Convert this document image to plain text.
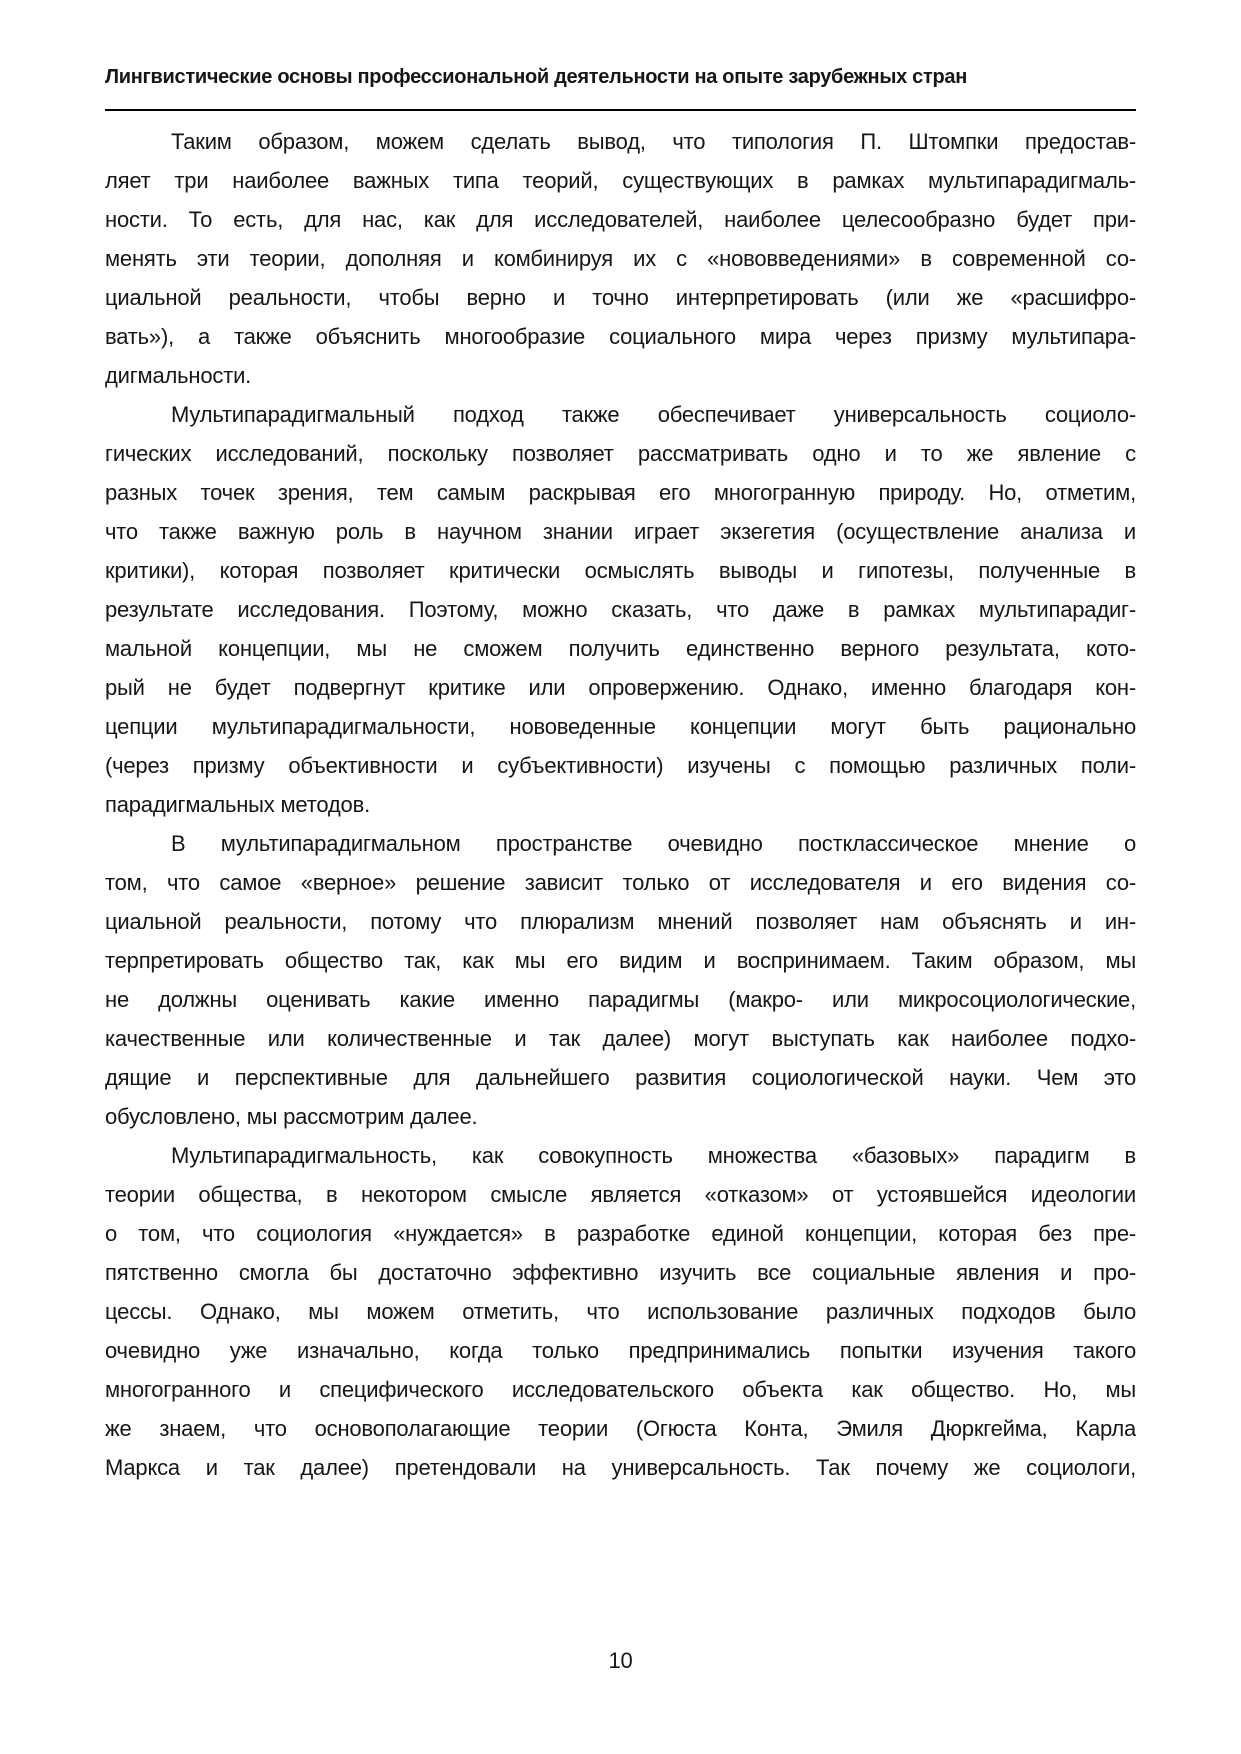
Лингвистические основы профессиональной деятельности на опыте зарубежных стран
Таким образом, можем сделать вывод, что типология П. Штомпки предостав-
ляет три наиболее важных типа теорий, существующих в рамках мультипарадигмаль-
ности. То есть, для нас, как для исследователей, наиболее целесообразно будет при-
менять эти теории, дополняя и комбинируя их с «нововведениями» в современной со-
циальной реальности, чтобы верно и точно интерпретировать (или же «расшифро-
вать»), а также объяснить многообразие социального мира через призму мультипара-
дигмальности.
Мультипарадигмальный подход также обеспечивает универсальность социоло-
гических исследований, поскольку позволяет рассматривать одно и то же явление с
разных точек зрения, тем самым раскрывая его многогранную природу. Но, отметим,
что также важную роль в научном знании играет экзегетия (осуществление анализа и
критики), которая позволяет критически осмыслять выводы и гипотезы, полученные в
результате исследования. Поэтому, можно сказать, что даже в рамках мультипарадиг-
мальной концепции, мы не сможем получить единственно верного результата, кото-
рый не будет подвергнут критике или опровержению. Однако, именно благодаря кон-
цепции мультипарадигмальности, нововеденные концепции могут быть рационально
(через призму объективности и субъективности) изучены с помощью различных поли-
парадигмальных методов.
В мультипарадигмальном пространстве очевидно постклассическое мнение о
том, что самое «верное» решение зависит только от исследователя и его видения со-
циальной реальности, потому что плюрализм мнений позволяет нам объяснять и ин-
терпретировать общество так, как мы его видим и воспринимаем. Таким образом, мы
не должны оценивать какие именно парадигмы (макро- или микросоциологические,
качественные или количественные и так далее) могут выступать как наиболее подхо-
дящие и перспективные для дальнейшего развития социологической науки. Чем это
обусловлено, мы рассмотрим далее.
Мультипарадигмальность, как совокупность множества «базовых» парадигм в
теории общества, в некотором смысле является «отказом» от устоявшейся идеологии
о том, что социология «нуждается» в разработке единой концепции, которая без пре-
пятственно смогла бы достаточно эффективно изучить все социальные явления и про-
цессы. Однако, мы можем отметить, что использование различных подходов было
очевидно уже изначально, когда только предпринимались попытки изучения такого
многогранного и специфического исследовательского объекта как общество. Но, мы
же знаем, что основополагающие теории (Огюста Конта, Эмиля Дюркгейма, Карла
Маркса и так далее) претендовали на универсальность. Так почему же социологи,
10
